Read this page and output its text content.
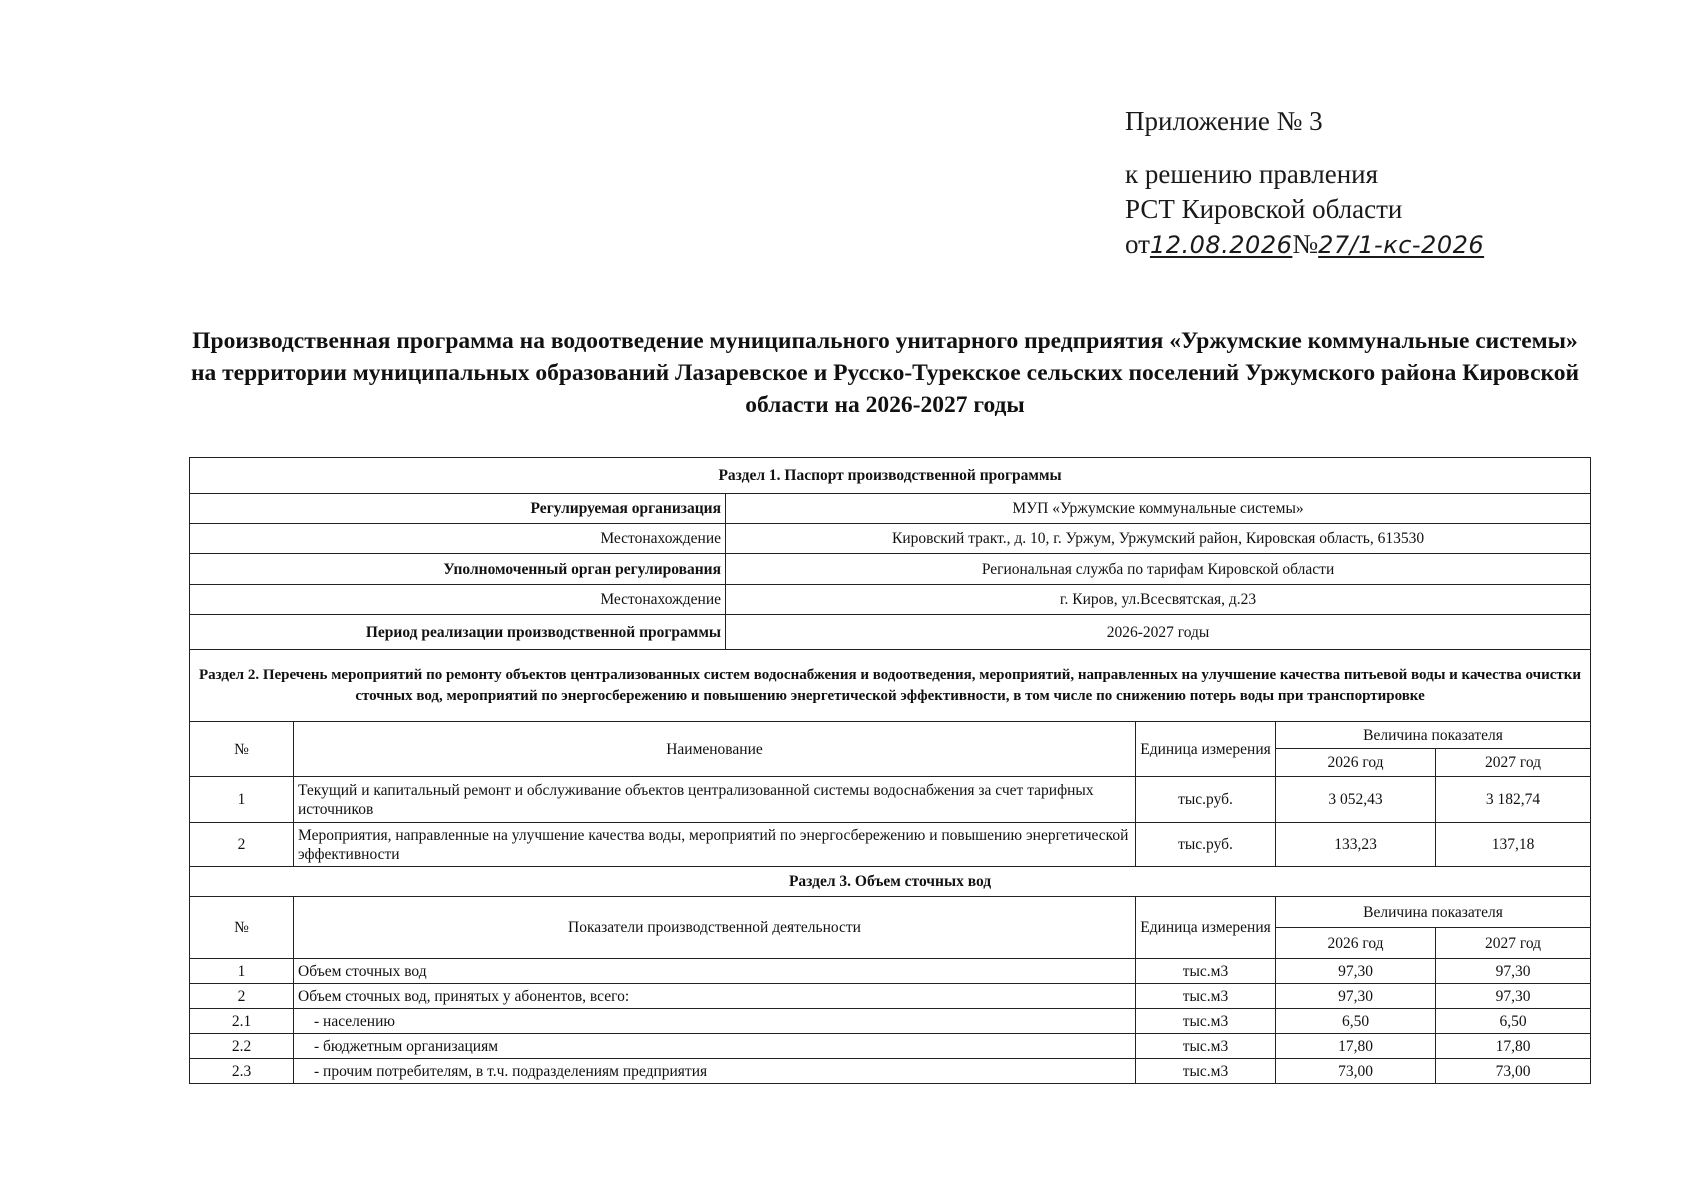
Приложение № 3
к решению правления
РСТ Кировской области
от12.08.2026№27/1-кс-2026
Производственная программа на водоотведение муниципального унитарного предприятия «Уржумские коммунальные системы» на территории муниципальных образований Лазаревское и Русско-Турекское сельских поселений Уржумского района Кировской области на 2026-2027 годы
Раздел 1. Паспорт производственной программы					
Регулируемая организация		МУП «Уржумские коммунальные системы»			
Местонахождение		Кировский тракт., д. 10, г. Уржум, Уржумский район, Кировская область, 613530			
Уполномоченный орган регулирования		Региональная служба по тарифам Кировской области			
Местонахождение		г. Киров, ул.Всесвятская, д.23			
Период реализации производственной программы		2026-2027 годы			
Раздел 2. Перечень мероприятий по ремонту объектов централизованных систем водоснабжения и водоотведения, мероприятий, направленных на улучшение качества питьевой воды и качества очистки сточных вод, мероприятий по энергосбережению и повышению энергетической эффективности, в том числе по снижению потерь воды при транспортировке					
№	Наименование		Единица измерения	Величина показателя	
				2026 год	2027 год
1	Текущий и капитальный ремонт и обслуживание объектов централизованной системы водоснабжения за счет тарифных источников		тыс.руб.	3 052,43	3 182,74
2	Мероприятия, направленные на улучшение качества воды, мероприятий по энергосбережению и повышению энергетической эффективности		тыс.руб.	133,23	137,18
Раздел 3. Объем сточных вод					
№	Показатели производственной деятельности		Единица измерения	Величина показателя	
				2026 год	2027 год
1	Объем сточных вод		тыс.м3	97,30	97,30
2	Объем сточных вод, принятых у абонентов, всего:		тыс.м3	97,30	97,30
2.1	- населению		тыс.м3	6,50	6,50
2.2	- бюджетным организациям		тыс.м3	17,80	17,80
2.3	- прочим потребителям, в т.ч. подразделениям предприятия		тыс.м3	73,00	73,00
